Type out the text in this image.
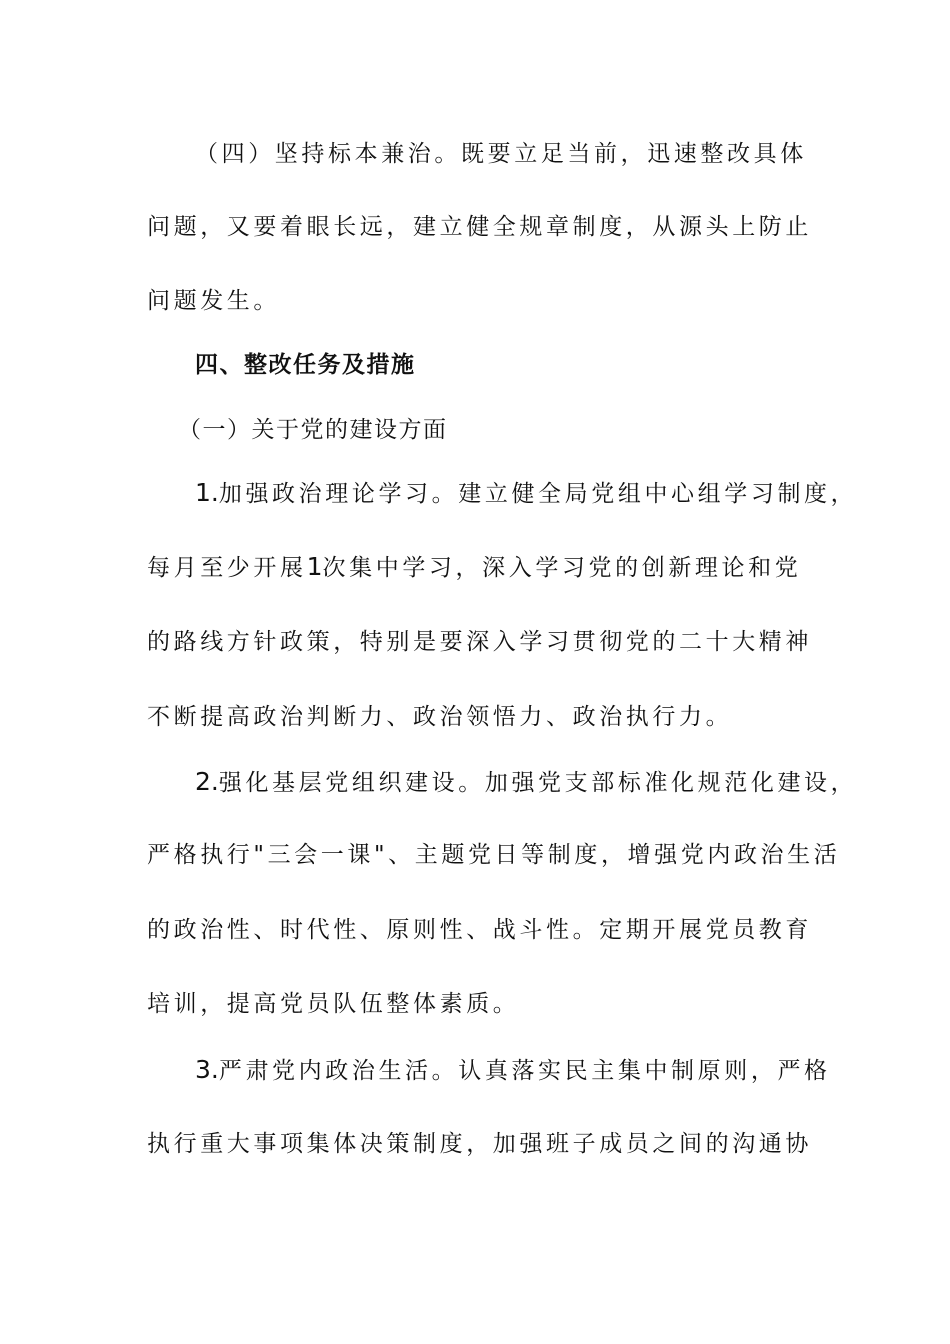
（四）坚持标本兼治。既要立足当前，迅速整改具体
问题，又要着眼长远，建立健全规章制度，从源头上防止
问题发生。
四、整改任务及措施
（一）关于党的建设方面
1.加强政治理论学习。建立健全局党组中心组学习制度，
每月至少开展1次集中学习，深入学习党的创新理论和党
的路线方针政策，特别是要深入学习贯彻党的二十大精神
不断提高政治判断力、政治领悟力、政治执行力。
2.强化基层党组织建设。加强党支部标准化规范化建设，
严格执行"三会一课"、主题党日等制度，增强党内政治生活
的政治性、时代性、原则性、战斗性。定期开展党员教育
培训，提高党员队伍整体素质。
3.严肃党内政治生活。认真落实民主集中制原则，严格
执行重大事项集体决策制度，加强班子成员之间的沟通协
